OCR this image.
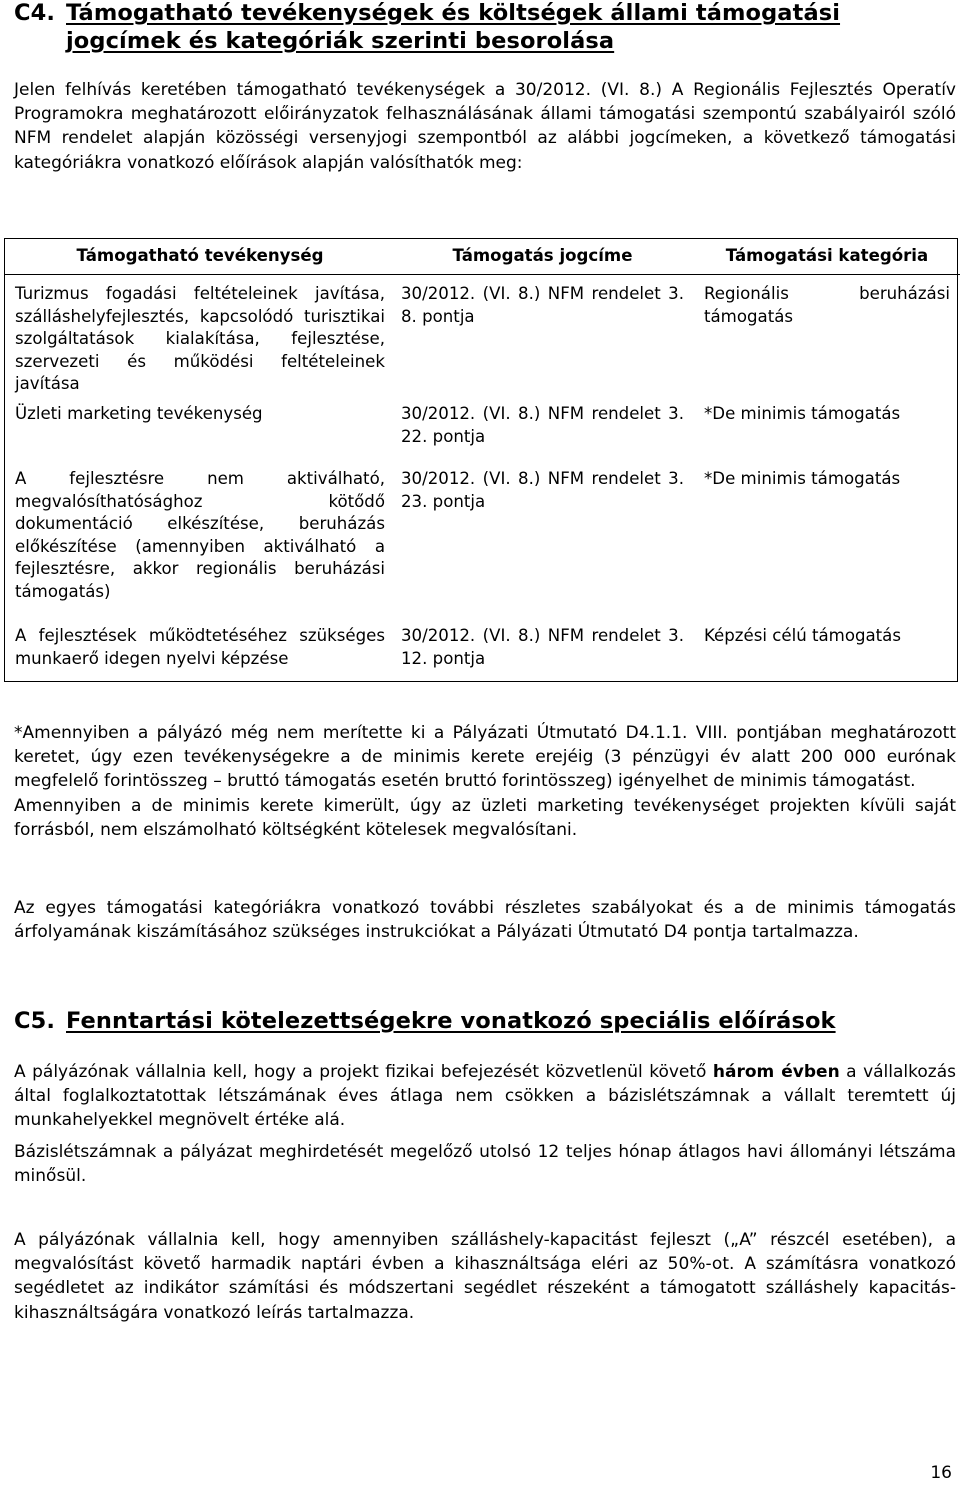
C4. Támogatható tevékenységek és költségek állami támogatási
jogcímek és kategóriák szerinti besorolása

Jelen felhívás keretében támogatható tevékenységek a 30/2012. (VI. 8.) A Regionális Fejlesztés Operatív Programokra meghatározott előirányzatok felhasználásának állami támogatási szempontú szabályairól szóló NFM rendelet alapján közösségi versenyjogi szempontból az alábbi jogcímeken, a következő támogatási kategóriákra vonatkozó előírások alapján valósíthatók meg:

Támogatható tevékenység	Támogatás jogcíme	Támogatási kategória
Turizmus fogadási feltételeinek javítása, szálláshelyfejlesztés, kapcsolódó turisztikai szolgáltatások kialakítása, fejlesztése, szervezeti és működési feltételeinek javítása	30/2012. (VI. 8.) NFM rendelet 3. 8. pontja	Regionális beruházási támogatás
Üzleti marketing tevékenység	30/2012. (VI. 8.) NFM rendelet 3. 22. pontja	*De minimis támogatás
A fejlesztésre nem aktiválható, megvalósíthatósághoz kötődő dokumentáció elkészítése, beruházás előkészítése (amennyiben aktiválható a fejlesztésre, akkor regionális beruházási támogatás)	30/2012. (VI. 8.) NFM rendelet 3. 23. pontja	*De minimis támogatás
A fejlesztések működtetéséhez szükséges munkaerő idegen nyelvi képzése	30/2012. (VI. 8.) NFM rendelet 3. 12. pontja	Képzési célú támogatás

*Amennyiben a pályázó még nem merítette ki a Pályázati Útmutató D4.1.1. VIII. pontjában meghatározott keretet, úgy ezen tevékenységekre a de minimis kerete erejéig (3 pénzügyi év alatt 200 000 eurónak megfelelő forintösszeg – bruttó támogatás esetén bruttó forintösszeg) igényelhet de minimis támogatást.

Amennyiben a de minimis kerete kimerült, úgy az üzleti marketing tevékenységet projekten kívüli saját forrásból, nem elszámolható költségként kötelesek megvalósítani.

Az egyes támogatási kategóriákra vonatkozó további részletes szabályokat és a de minimis támogatás árfolyamának kiszámításához szükséges instrukciókat a Pályázati Útmutató D4 pontja tartalmazza.

C5. Fenntartási kötelezettségekre vonatkozó speciális előírások

A pályázónak vállalnia kell, hogy a projekt fizikai befejezését közvetlenül követő három évben a vállalkozás által foglalkoztatottak létszámának éves átlaga nem csökken a bázislétszámnak a vállalt teremtett új munkahelyekkel megnövelt értéke alá.

Bázislétszámnak a pályázat meghirdetését megelőző utolsó 12 teljes hónap átlagos havi állományi létszáma minősül.

A pályázónak vállalnia kell, hogy amennyiben szálláshely-kapacitást fejleszt („A” részcél esetében), a megvalósítást követő harmadik naptári évben a kihasználtsága eléri az 50%-ot. A számításra vonatkozó segédletet az indikátor számítási és módszertani segédlet részeként a támogatott szálláshely kapacitás-kihasználtságára vonatkozó leírás tartalmazza.

16
